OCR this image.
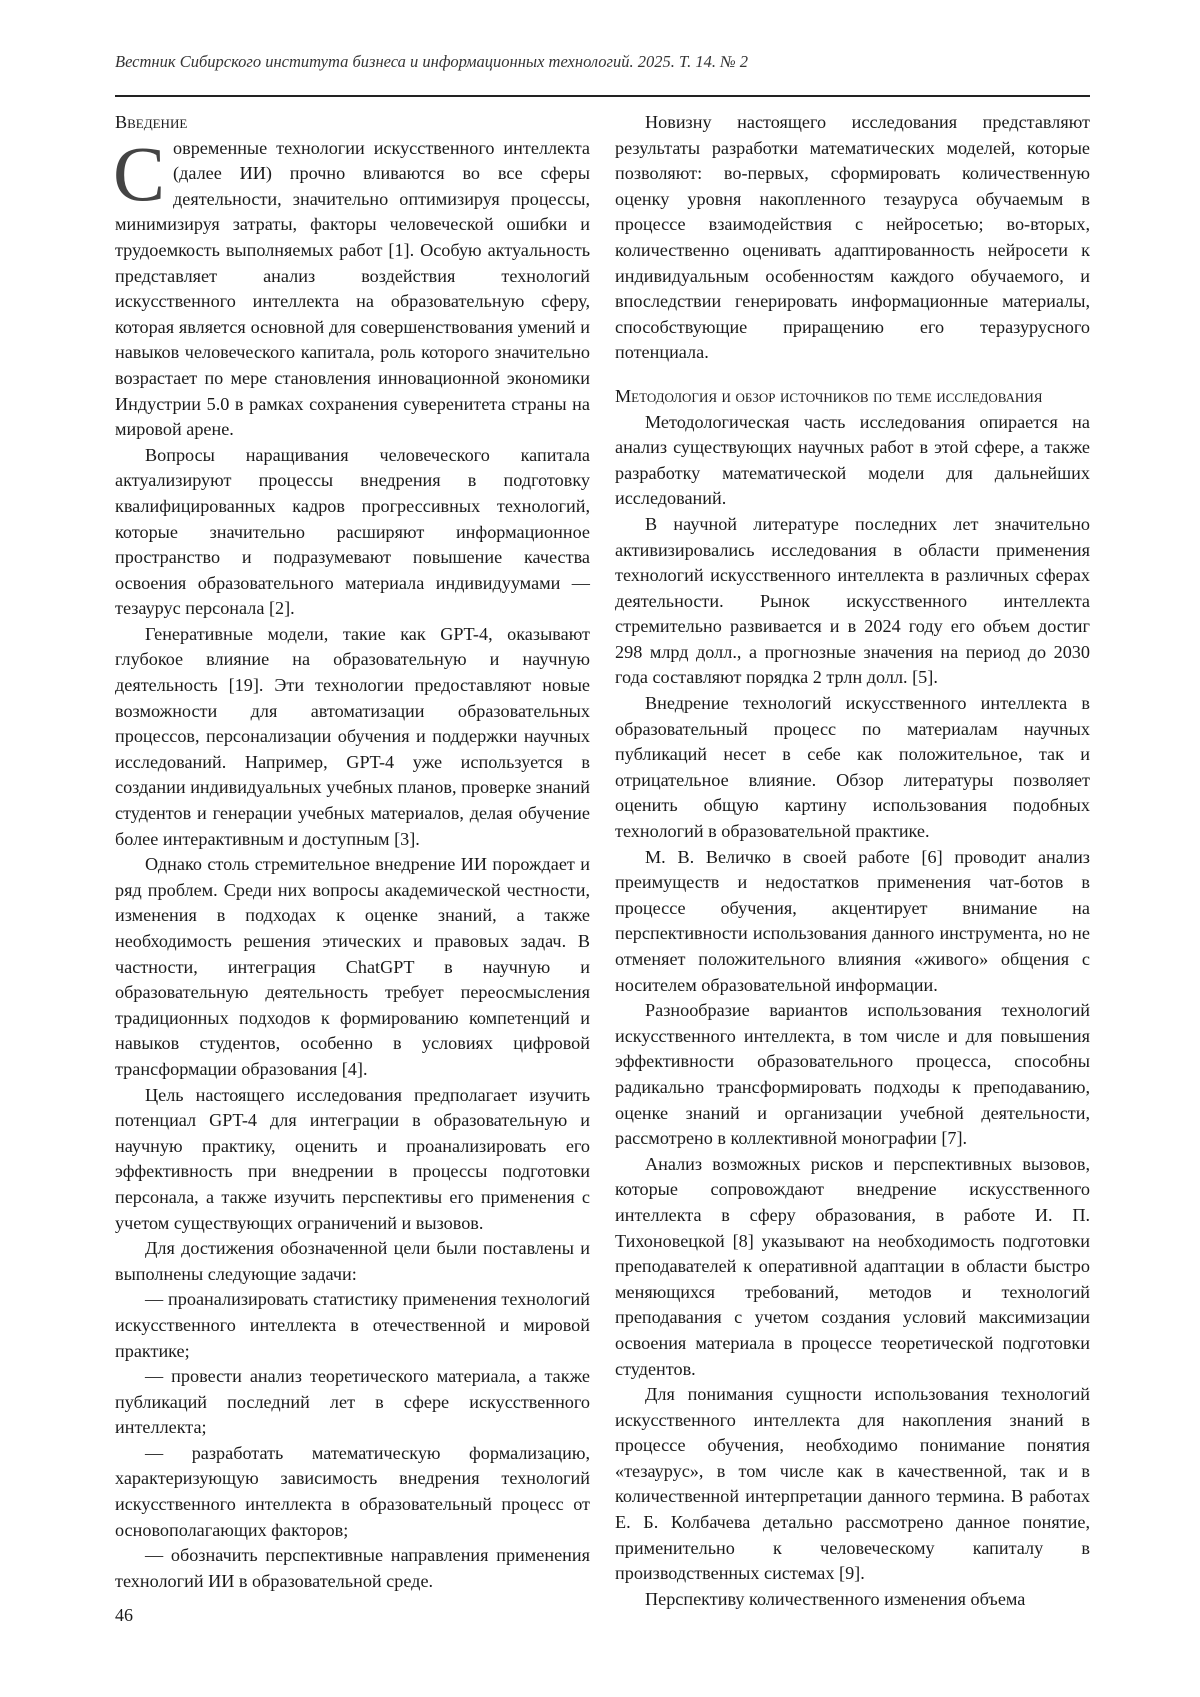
Вестник Сибирского института бизнеса и информационных технологий. 2025. Т. 14. № 2

Введение

Современные технологии искусственного интеллекта (далее ИИ) прочно вливаются во все сферы деятельности, значительно оптимизируя процессы, минимизируя затраты, факторы человеческой ошибки и трудоемкость выполняемых работ [1]. Особую актуальность представляет анализ воздействия технологий искусственного интеллекта на образовательную сферу, которая является основной для совершенствования умений и навыков человеческого капитала, роль которого значительно возрастает по мере становления инновационной экономики Индустрии 5.0 в рамках сохранения суверенитета страны на мировой арене.

Вопросы наращивания человеческого капитала актуализируют процессы внедрения в подготовку квалифицированных кадров прогрессивных технологий, которые значительно расширяют информационное пространство и подразумевают повышение качества освоения образовательного материала индивидуумами — тезаурус персонала [2].

Генеративные модели, такие как GPT-4, оказывают глубокое влияние на образовательную и научную деятельность [19]. Эти технологии предоставляют новые возможности для автоматизации образовательных процессов, персонализации обучения и поддержки научных исследований. Например, GPT-4 уже используется в создании индивидуальных учебных планов, проверке знаний студентов и генерации учебных материалов, делая обучение более интерактивным и доступным [3].

Однако столь стремительное внедрение ИИ порождает и ряд проблем. Среди них вопросы академической честности, изменения в подходах к оценке знаний, а также необходимость решения этических и правовых задач. В частности, интеграция ChatGPT в научную и образовательную деятельность требует переосмысления традиционных подходов к формированию компетенций и навыков студентов, особенно в условиях цифровой трансформации образования [4].

Цель настоящего исследования предполагает изучить потенциал GPT-4 для интеграции в образовательную и научную практику, оценить и проанализировать его эффективность при внедрении в процессы подготовки персонала, а также изучить перспективы его применения с учетом существующих ограничений и вызовов.

Для достижения обозначенной цели были поставлены и выполнены следующие задачи:

— проанализировать статистику применения технологий искусственного интеллекта в отечественной и мировой практике;

— провести анализ теоретического материала, а также публикаций последний лет в сфере искусственного интеллекта;

— разработать математическую формализацию, характеризующую зависимость внедрения технологий искусственного интеллекта в образовательный процесс от основополагающих факторов;

— обозначить перспективные направления применения технологий ИИ в образовательной среде.

Новизну настоящего исследования представляют результаты разработки математических моделей, которые позволяют: во-первых, сформировать количественную оценку уровня накопленного тезауруса обучаемым в процессе взаимодействия с нейросетью; во-вторых, количественно оценивать адаптированность нейросети к индивидуальным особенностям каждого обучаемого, и впоследствии генерировать информационные материалы, способствующие приращению его теразурусного потенциала.

Методология и обзор источников по теме исследования

Методологическая часть исследования опирается на анализ существующих научных работ в этой сфере, а также разработку математической модели для дальнейших исследований.

В научной литературе последних лет значительно активизировались исследования в области применения технологий искусственного интеллекта в различных сферах деятельности. Рынок искусственного интеллекта стремительно развивается и в 2024 году его объем достиг 298 млрд долл., а прогнозные значения на период до 2030 года составляют порядка 2 трлн долл. [5].

Внедрение технологий искусственного интеллекта в образовательный процесс по материалам научных публикаций несет в себе как положительное, так и отрицательное влияние. Обзор литературы позволяет оценить общую картину использования подобных технологий в образовательной практике.

М. В. Величко в своей работе [6] проводит анализ преимуществ и недостатков применения чат-ботов в процессе обучения, акцентирует внимание на перспективности использования данного инструмента, но не отменяет положительного влияния «живого» общения с носителем образовательной информации.

Разнообразие вариантов использования технологий искусственного интеллекта, в том числе и для повышения эффективности образовательного процесса, способны радикально трансформировать подходы к преподаванию, оценке знаний и организации учебной деятельности, рассмотрено в коллективной монографии [7].

Анализ возможных рисков и перспективных вызовов, которые сопровождают внедрение искусственного интеллекта в сферу образования, в работе И. П. Тихоновецкой [8] указывают на необходимость подготовки преподавателей к оперативной адаптации в области быстро меняющихся требований, методов и технологий преподавания с учетом создания условий максимизации освоения материала в процессе теоретической подготовки студентов.

Для понимания сущности использования технологий искусственного интеллекта для накопления знаний в процессе обучения, необходимо понимание понятия «тезаурус», в том числе как в качественной, так и в количественной интерпретации данного термина. В работах Е. Б. Колбачева детально рассмотрено данное понятие, применительно к человеческому капиталу в производственных системах [9].

Перспективу количественного изменения объема

46
